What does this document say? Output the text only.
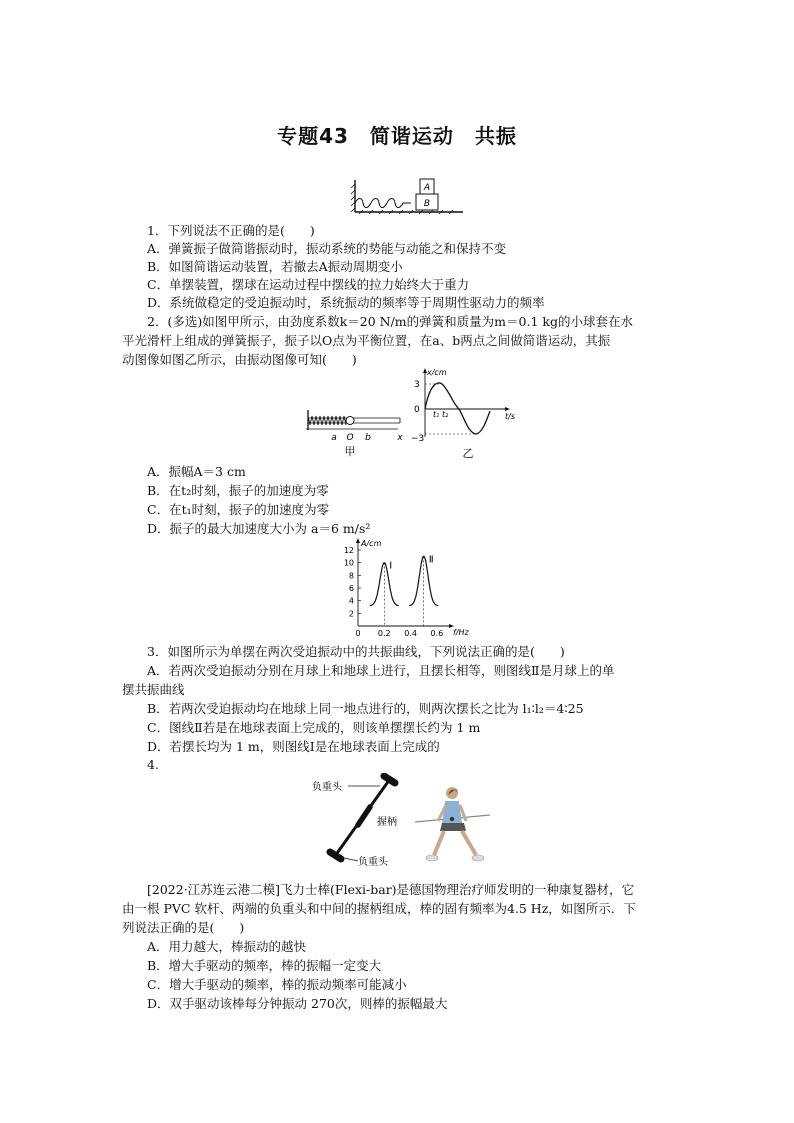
专题43　简谐运动　共振
A
B
1．下列说法不正确的是(　　)
A．弹簧振子做简谐振动时，振动系统的势能与动能之和保持不变
B．如图简谐运动装置，若撤去A振动周期变小
C．单摆装置，摆球在运动过程中摆线的拉力始终大于重力
D．系统做稳定的受迫振动时，系统振动的频率等于周期性驱动力的频率
2．(多选)如图甲所示，由劲度系数k＝20 N/m的弹簧和质量为m＝0.1 kg的小球套在水
平光滑杆上组成的弹簧振子，振子以O点为平衡位置，在a、b两点之间做简谐运动，其振
动图像如图乙所示，由振动图像可知(　　)
a O b	x
甲
x/cm
t/s
3
0
−3
t₁ t₂
乙
A．振幅A＝3 cm
B．在t₂时刻，振子的加速度为零
C．在t₁时刻，振子的加速度为零
D．振子的最大加速度大小为 a＝6 m/s²
A/cm
f/Hz
2
4
6
8
10
12
0 0.2 0.4 0.6
Ⅰ
Ⅱ
3．如图所示为单摆在两次受迫振动中的共振曲线，下列说法正确的是(　　)
A．若两次受迫振动分别在月球上和地球上进行，且摆长相等，则图线Ⅱ是月球上的单
摆共振曲线
B．若两次受迫振动均在地球上同一地点进行的，则两次摆长之比为 l₁∶l₂＝4∶25
C．图线Ⅱ若是在地球表面上完成的，则该单摆摆长约为 1 m
D．若摆长均为 1 m，则图线Ⅰ是在地球表面上完成的
4.
负重头
握柄
负重头
[2022·江苏连云港二模]飞力士棒(Flexi-bar)是德国物理治疗师发明的一种康复器材，它
由一根 PVC 软杆、两端的负重头和中间的握柄组成，棒的固有频率为4.5 Hz，如图所示．下
列说法正确的是(　　)
A．用力越大，棒振动的越快
B．增大手驱动的频率，棒的振幅一定变大
C．增大手驱动的频率，棒的振动频率可能减小
D．双手驱动该棒每分钟振动 270次，则棒的振幅最大
